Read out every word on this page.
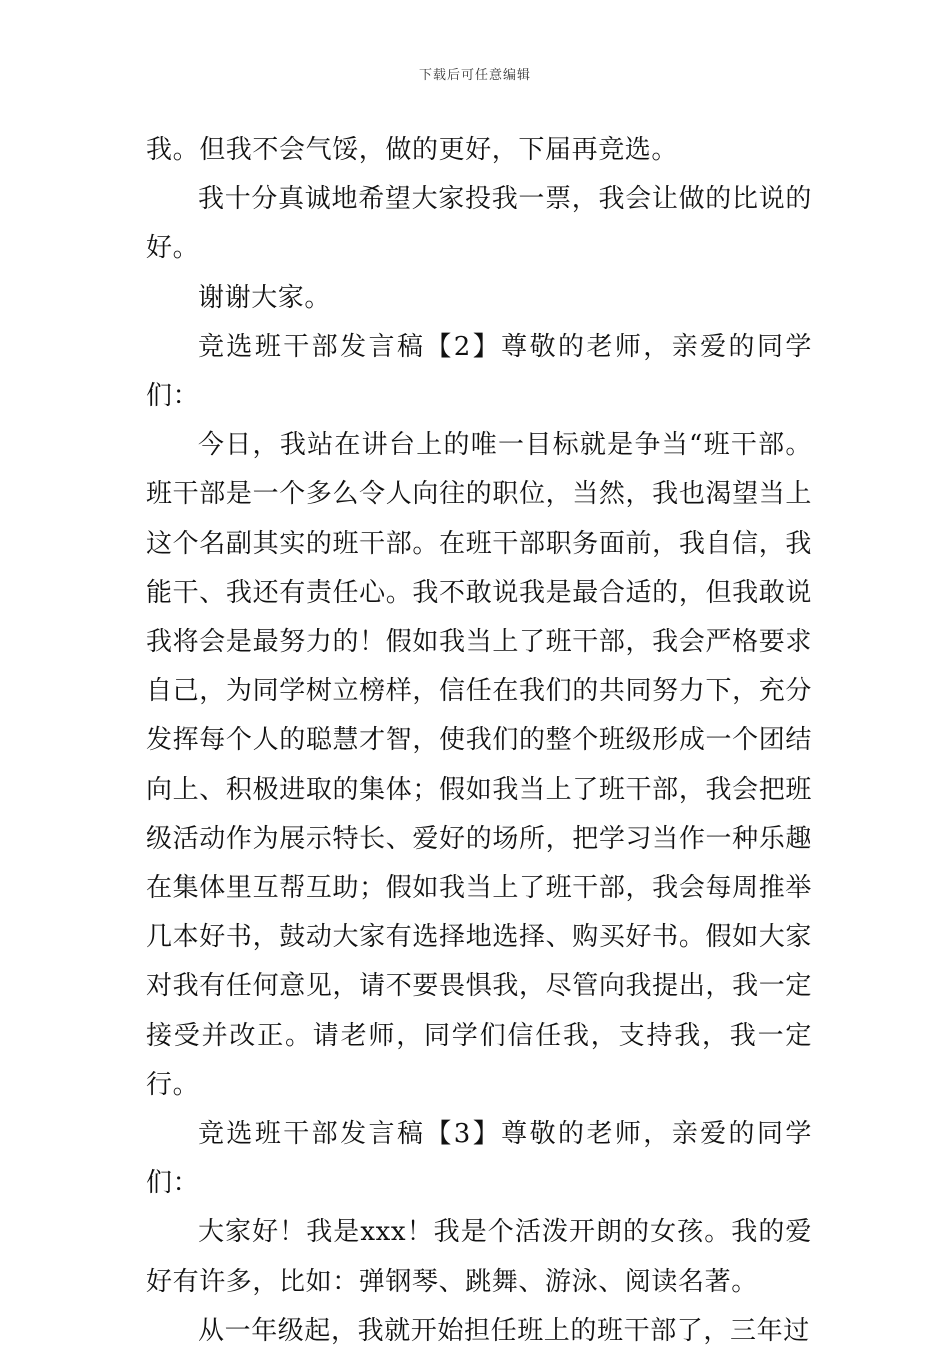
下载后可任意编辑

我。但我不会气馁，做的更好，下届再竞选。

我十分真诚地希望大家投我一票，我会让做的比说的好。

谢谢大家。

竞选班干部发言稿【2】尊敬的老师，亲爱的同学们：

今日，我站在讲台上的唯一目标就是争当“班干部。班干部是一个多么令人向往的职位，当然，我也渴望当上这个名副其实的班干部。在班干部职务面前，我自信，我能干、我还有责任心。我不敢说我是最合适的，但我敢说我将会是最努力的！假如我当上了班干部，我会严格要求自己，为同学树立榜样，信任在我们的共同努力下，充分发挥每个人的聪慧才智，使我们的整个班级形成一个团结向上、积极进取的集体；假如我当上了班干部，我会把班级活动作为展示特长、爱好的场所，把学习当作一种乐趣在集体里互帮互助；假如我当上了班干部，我会每周推举几本好书，鼓动大家有选择地选择、购买好书。假如大家对我有任何意见，请不要畏惧我，尽管向我提出，我一定接受并改正。请老师，同学们信任我，支持我，我一定行。

竞选班干部发言稿【3】尊敬的老师，亲爱的同学们：

大家好！我是xxx！我是个活泼开朗的女孩。我的爱好有许多，比如：弹钢琴、跳舞、游泳、阅读名著。

从一年级起，我就开始担任班上的班干部了，三年过
